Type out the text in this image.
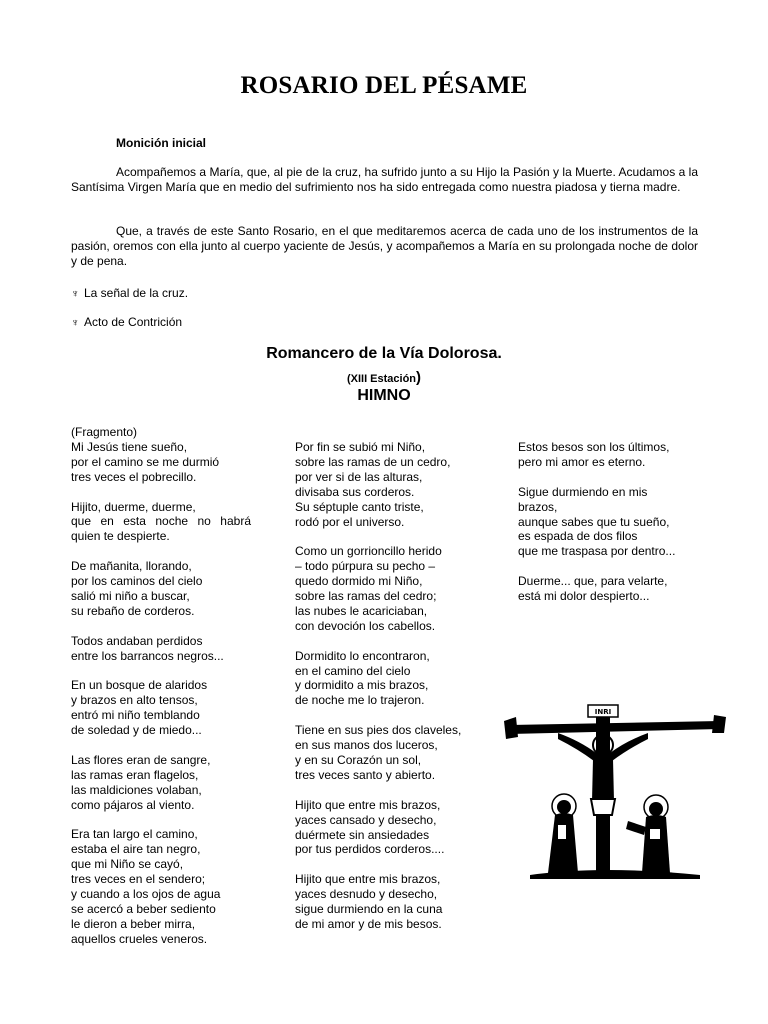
ROSARIO DEL PÉSAME
Monición inicial

Acompañemos a María, que, al pie de la cruz, ha sufrido junto a su Hijo la Pasión y la Muerte. Acudamos a la Santísima Virgen María que en medio del sufrimiento nos ha sido entregada como nuestra piadosa y tierna madre.

Que, a través de este Santo Rosario, en el que meditaremos acerca de cada uno de los instrumentos de la pasión, oremos con ella junto al cuerpo yaciente de Jesús, y acompañemos a María en su prolongada noche de dolor y de pena.

♆ La señal de la cruz.
♆ Acto de Contrición
Romancero de la Vía Dolorosa.
(XIII Estación)
HIMNO
(Fragmento)
Mi Jesús tiene sueño,
por el camino se me durmió
tres veces el pobrecillo.
Hijito, duerme, duerme,
que en esta noche no habrá
quien te despierte.
De mañanita, llorando,
por los caminos del cielo
salió mi niño a buscar,
su rebaño de corderos.
Todos andaban perdidos
entre los barrancos negros...
En un bosque de alaridos
y brazos en alto tensos,
entró mi niño temblando
de soledad y de miedo...
Las flores eran de sangre,
las ramas eran flagelos,
las maldiciones volaban,
como pájaros al viento.
Era tan largo el camino,
estaba el aire tan negro,
que mi Niño se cayó,
tres veces en el sendero;
y cuando a los ojos de agua
se acercó a beber sediento
le dieron a beber mirra,
aquellos crueles veneros.
Por fin se subió mi Niño,
sobre las ramas de un cedro,
por ver si de las alturas,
divisaba sus corderos.
Su séptuple canto triste,
rodó por el universo.
Como un gorrioncillo herido
– todo púrpura su pecho –
quedo dormido mi Niño,
sobre las ramas del cedro;
las nubes le acariciaban,
con devoción los cabellos.
Dormidito lo encontraron,
en el camino del cielo
y dormidito a mis brazos,
de noche me lo trajeron.
Tiene en sus pies dos claveles,
en sus manos dos luceros,
y en su Corazón un sol,
tres veces santo y abierto.
Hijito que entre mis brazos,
yaces cansado y desecho,
duérmete sin ansiedades
por tus perdidos corderos....
Hijito que entre mis brazos,
yaces desnudo y desecho,
sigue durmiendo en la cuna
de mi amor y de mis besos.
Estos besos son los últimos,
pero mi amor es eterno.
Sigue durmiendo en mis
brazos,
aunque sabes que tu sueño,
es espada de dos filos
que me traspasa por dentro...
Duerme... que, para velarte,
está mi dolor despierto...
INRI
